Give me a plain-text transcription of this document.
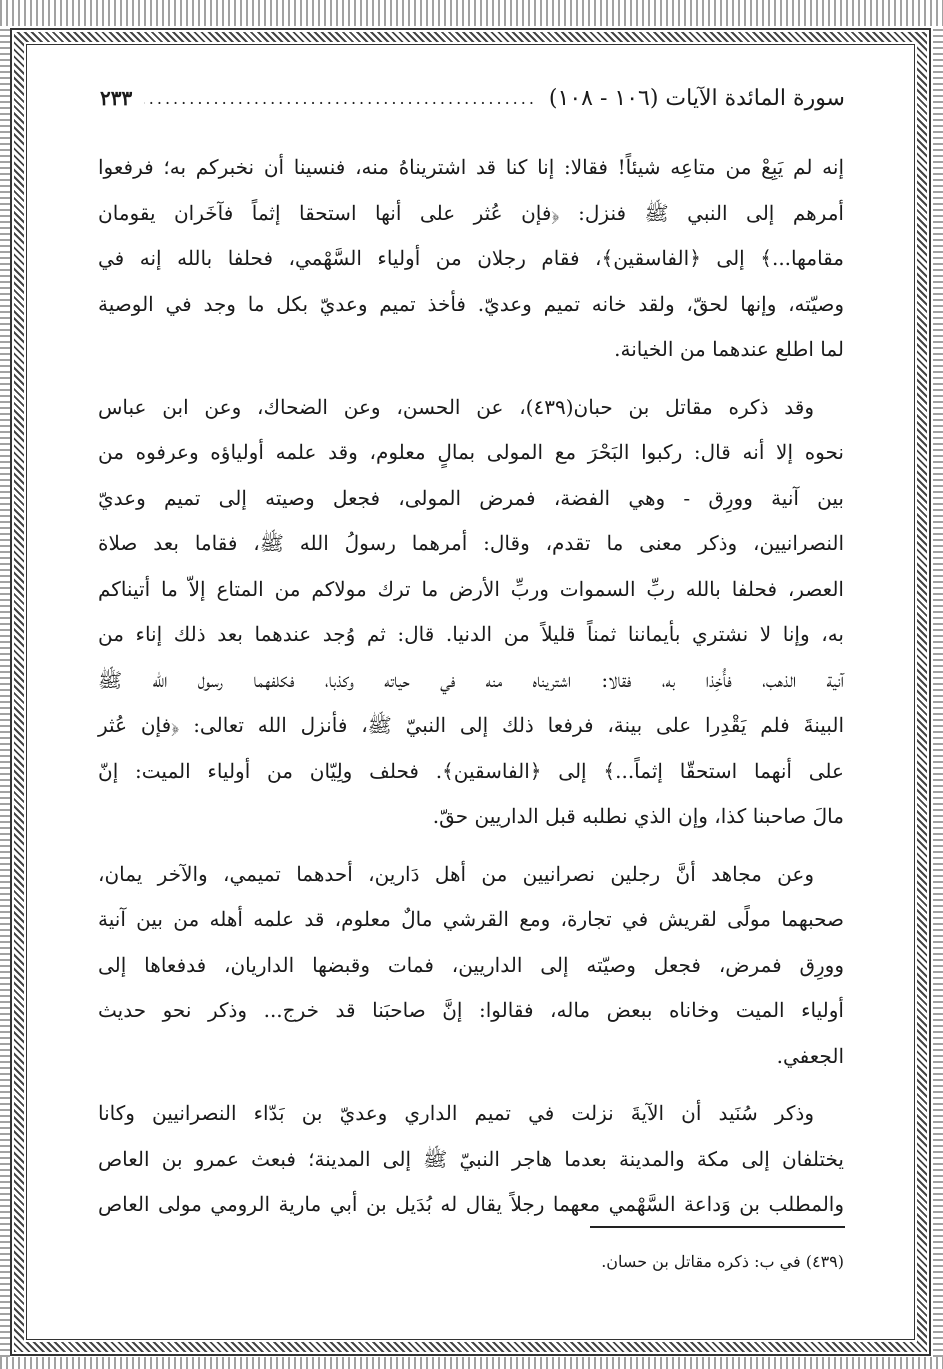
سورة المائدة الآيات (١٠٦ - ١٠٨)
.....
٢٣٣

إنه لم يَبِعْ من متاعِه شيئاً! فقالا: إنا كنا قد اشتريناهُ منه، فنسينا أن نخبركم به؛ فرفعوا
أمرهم إلى النبي ﷺ فنزل: ﴿فإن عُثر على أنها استحقا إثماً فآخَران يقومان
مقامها...﴾ إلى ﴿الفاسقين﴾، فقام رجلان من أولياء السَّهْمي، فحلفا بالله إنه في
وصيّته، وإنها لحقّ، ولقد خانه تميم وعديّ. فأخذ تميم وعديّ بكل ما وجد في الوصية
لما اطلع عندهما من الخيانة.

وقد ذكره مقاتل بن حبان(٤٣٩)، عن الحسن، وعن الضحاك، وعن ابن عباس
نحوه إلا أنه قال: ركبوا البَحْرَ مع المولى بمالٍ معلوم، وقد علمه أولياؤه وعرفوه من
بين آنية وورِق - وهي الفضة، فمرض المولى، فجعل وصيته إلى تميم وعديّ
النصرانيين، وذكر معنى ما تقدم، وقال: أمرهما رسولُ الله ﷺ، فقاما بعد صلاة
العصر، فحلفا بالله ربِّ السموات وربِّ الأرض ما ترك مولاكم من المتاع إلاّ ما أتيناكم
به، وإنا لا نشتري بأيماننا ثمناً قليلاً من الدنيا. قال: ثم وُجد عندهما بعد ذلك إناء من
آنية الذهب، فأُخِذا به، فقالا: اشتريناه منه في حياته وكذبا، فكلفهما رسول الله ﷺ
البينةَ فلم يَقْدِرا على بينة، فرفعا ذلك إلى النبيّ ﷺ، فأنزل الله تعالى: ﴿فإن عُثر
على أنهما استحقّا إثماً...﴾ إلى ﴿الفاسقين﴾. فحلف ولِيّان من أولياء الميت: إنّ
مالَ صاحبنا كذا، وإن الذي نطلبه قبل الداريين حقّ.

وعن مجاهد أنَّ رجلين نصرانيين من أهل دَارين، أحدهما تميمي، والآخر يمان،
صحبهما مولًى لقريش في تجارة، ومع القرشي مالٌ معلوم، قد علمه أهله من بين آنية
وورِق فمرض، فجعل وصيّته إلى الداريين، فمات وقبضها الداريان، فدفعاها إلى
أولياء الميت وخاناه ببعض ماله، فقالوا: إنَّ صاحبَنا قد خرج... وذكر نحو حديث
الجعفي.

وذكر سُنَيد أن الآيةَ نزلت في تميم الداري وعديّ بن بَدّاء النصرانيين وكانا
يختلفان إلى مكة والمدينة بعدما هاجر النبيّ ﷺ إلى المدينة؛ فبعث عمرو بن العاص
والمطلب بن وَداعة السَّهْمي معهما رجلاً يقال له بُدَيل بن أبي مارية الرومي مولى العاص

(٤٣٩) في ب: ذكره مقاتل بن حسان.
